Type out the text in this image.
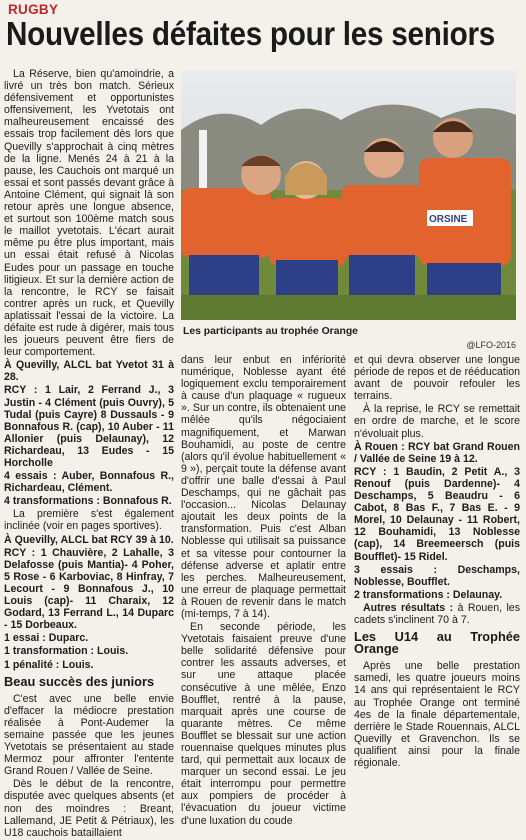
RUGBY
Nouvelles défaites pour les seniors

La Réserve, bien qu'amoindrie, a livré un très bon match. Sérieux défensivement et opportunistes offensivement, les Yvetotais ont malheureusement encaissé des essais trop facilement dès lors que Quevilly s'approchait à cinq mètres de la ligne. Menés 24 à 21 à la pause, les Cauchois ont marqué un essai et sont passés devant grâce à Antoine Clément, qui signait là son retour après une longue absence, et surtout son 100ème match sous le maillot yvetotais. L'écart aurait même pu être plus important, mais un essai était refusé à Nicolas Eudes pour un passage en touche litigieux. Et sur la dernière action de la rencontre, le RCY se faisait contrer après un ruck, et Quevilly aplatissait l'essai de la victoire. La défaite est rude à digérer, mais tous les joueurs peuvent être fiers de leur comportement.

À Quevilly, ALCL bat Yvetot 31 à 28.

RCY : 1 Lair, 2 Ferrand J., 3 Justin - 4 Clément (puis Ouvry), 5 Tudal (puis Cayre) 8 Dussauls - 9 Bonnafous R. (cap), 10 Auber - 11 Allonier (puis Delaunay), 12 Richardeau, 13 Eudes - 15 Horcholle

4 essais : Auber, Bonnafous R., Richardeau, Clément.

4 transformations : Bonnafous R.

La première s'est également inclinée (voir en pages sportives).

À Quevilly, ALCL bat RCY 39 à 10.

RCY : 1 Chauvière, 2 Lahalle, 3 Delafosse (puis Mantia)- 4 Poher, 5 Rose - 6 Karboviac, 8 Hinfray, 7 Lecourt - 9 Bonnafous J., 10 Louis (cap)- 11 Charaix, 12 Godard, 13 Ferrand L., 14 Duparc - 15 Dorbeaux.

1 essai : Duparc.

1 transformation : Louis.

1 pénalité : Louis.

Beau succès des juniors

C'est avec une belle envie d'effacer la médiocre prestation réalisée à Pont-Audemer la semaine passée que les jeunes Yvetotais se présentaient au stade Mermoz pour affronter l'entente Grand Rouen / Vallée de Seine.

Dès le début de la rencontre, disputée avec quelques absents (et non des moindres : Breant, Lallemand, JE Petit & Pétriaux), les U18 cauchois bataillaient

ORSINE
Les participants au trophée Orange
@LFO-2016

dans leur enbut en infériorité numérique, Noblesse ayant été logiquement exclu temporairement à cause d'un plaquage « rugueux ». Sur un contre, ils obtenaient une mêlée qu'ils négociaient magnifiquement, et Marwan Bouhamidi, au poste de centre (alors qu'il évolue habituellement « 9 »), perçait toute la défense avant d'offrir une balle d'essai à Paul Deschamps, qui ne gâchait pas l'occasion... Nicolas Delaunay ajoutait les deux points de la transformation. Puis c'est Alban Noblesse qui utilisait sa puissance et sa vitesse pour contourner la défense adverse et aplatir entre les perches. Malheureusement, une erreur de plaquage permettait à Rouen de revenir dans le match (mi-temps, 7 à 14).

En seconde période, les Yvetotais faisaient preuve d'une belle solidarité défensive pour contrer les assauts adverses, et sur une attaque placée consécutive à une mêlée, Enzo Boufflet, rentré à la pause, marquait après une course de quarante mètres. Ce même Boufflet se blessait sur une action rouennaise quelques minutes plus tard, qui permettait aux locaux de marquer un second essai. Le jeu était interrompu pour permettre aux pompiers de procéder à l'évacuation du joueur victime d'une luxation du coude

et qui devra observer une longue période de repos et de rééducation avant de pouvoir refouler les terrains.

À la reprise, le RCY se remettait en ordre de marche, et le score n'évoluait plus.

À Rouen : RCY bat Grand Rouen / Vallée de Seine 19 à 12.

RCY : 1 Baudin, 2 Petit A., 3 Renouf (puis Dardenne)- 4 Deschamps, 5 Beaudru - 6 Cabot, 8 Bas F., 7 Bas E. - 9 Morel, 10 Delaunay - 11 Robert, 12 Bouhamidi, 13 Noblesse (cap), 14 Breemeersch (puis Boufflet)- 15 Ridel.

3 essais : Deschamps, Noblesse, Boufflet.

2 transformations : Delaunay.

Autres résultats : à Rouen, les cadets s'inclinent 70 à 7.

Les U14 au Trophée Orange

Après une belle prestation samedi, les quatre joueurs moins 14 ans qui représentaient le RCY au Trophée Orange ont terminé 4es de la finale départementale, derrière le Stade Rouennais, ALCL Quevilly et Gravenchon. Ils se qualifient ainsi pour la finale régionale.
